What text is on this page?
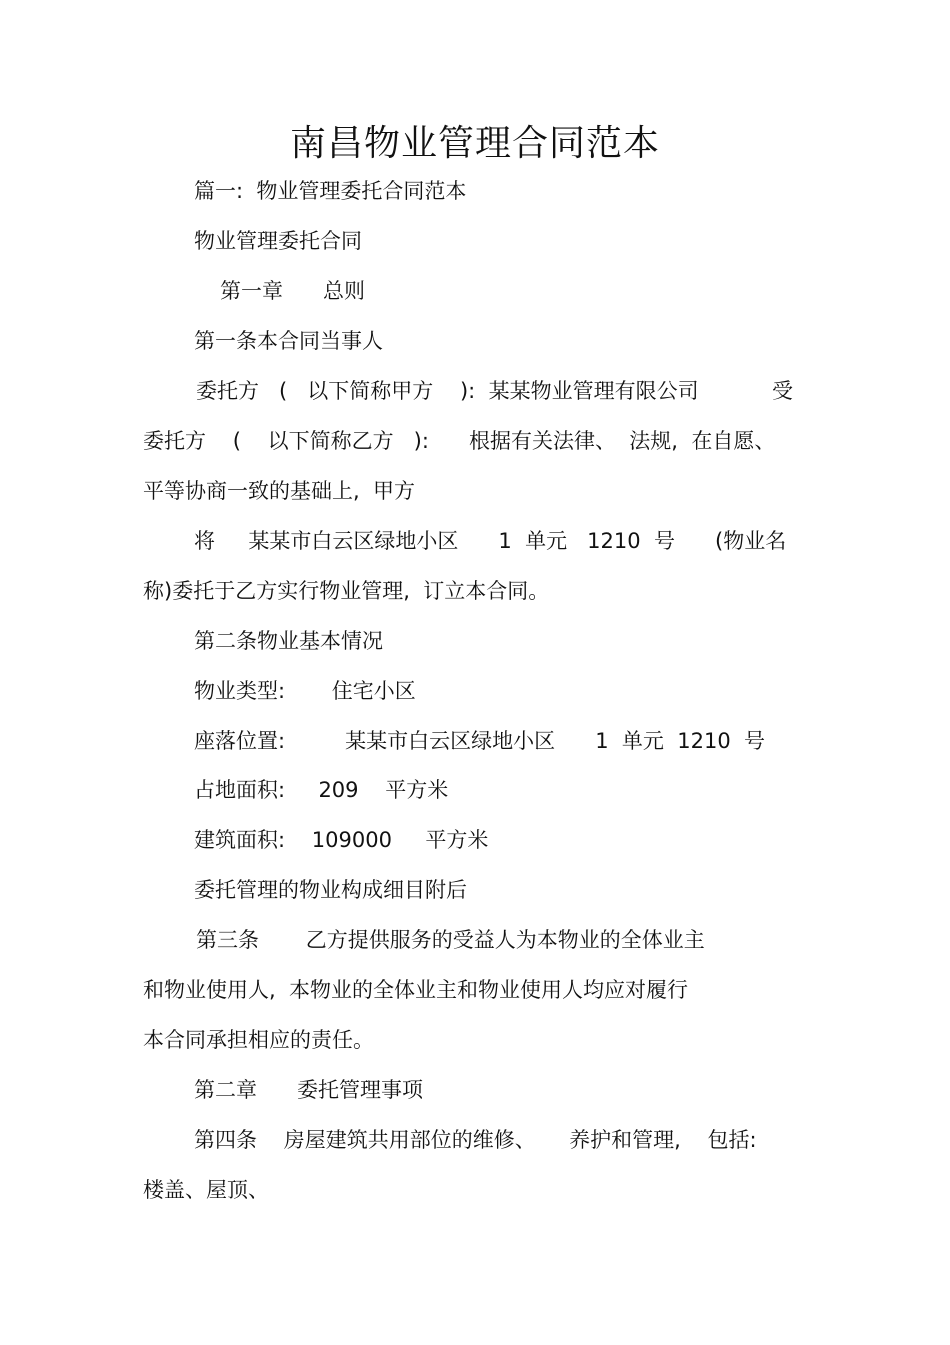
南昌物业管理合同范本
篇一:  物业管理委托合同范本
物业管理委托合同
第一章      总则
第一条本合同当事人
委托方   (   以下简称甲方    ):  某某物业管理有限公司           受
委托方    (    以下简称乙方   ):      根据有关法律、  法规,  在自愿、
平等协商一致的基础上,  甲方
将     某某市白云区绿地小区      1  单元   1210  号      (物业名
称)委托于乙方实行物业管理,  订立本合同。
第二条物业基本情况
物业类型:       住宅小区
座落位置:         某某市白云区绿地小区      1  单元  1210  号
占地面积:     209    平方米
建筑面积:    109000     平方米
委托管理的物业构成细目附后
第三条       乙方提供服务的受益人为本物业的全体业主
和物业使用人,  本物业的全体业主和物业使用人均应对履行
本合同承担相应的责任。
第二章      委托管理事项
第四条    房屋建筑共用部位的维修、     养护和管理,    包括:
楼盖、屋顶、
